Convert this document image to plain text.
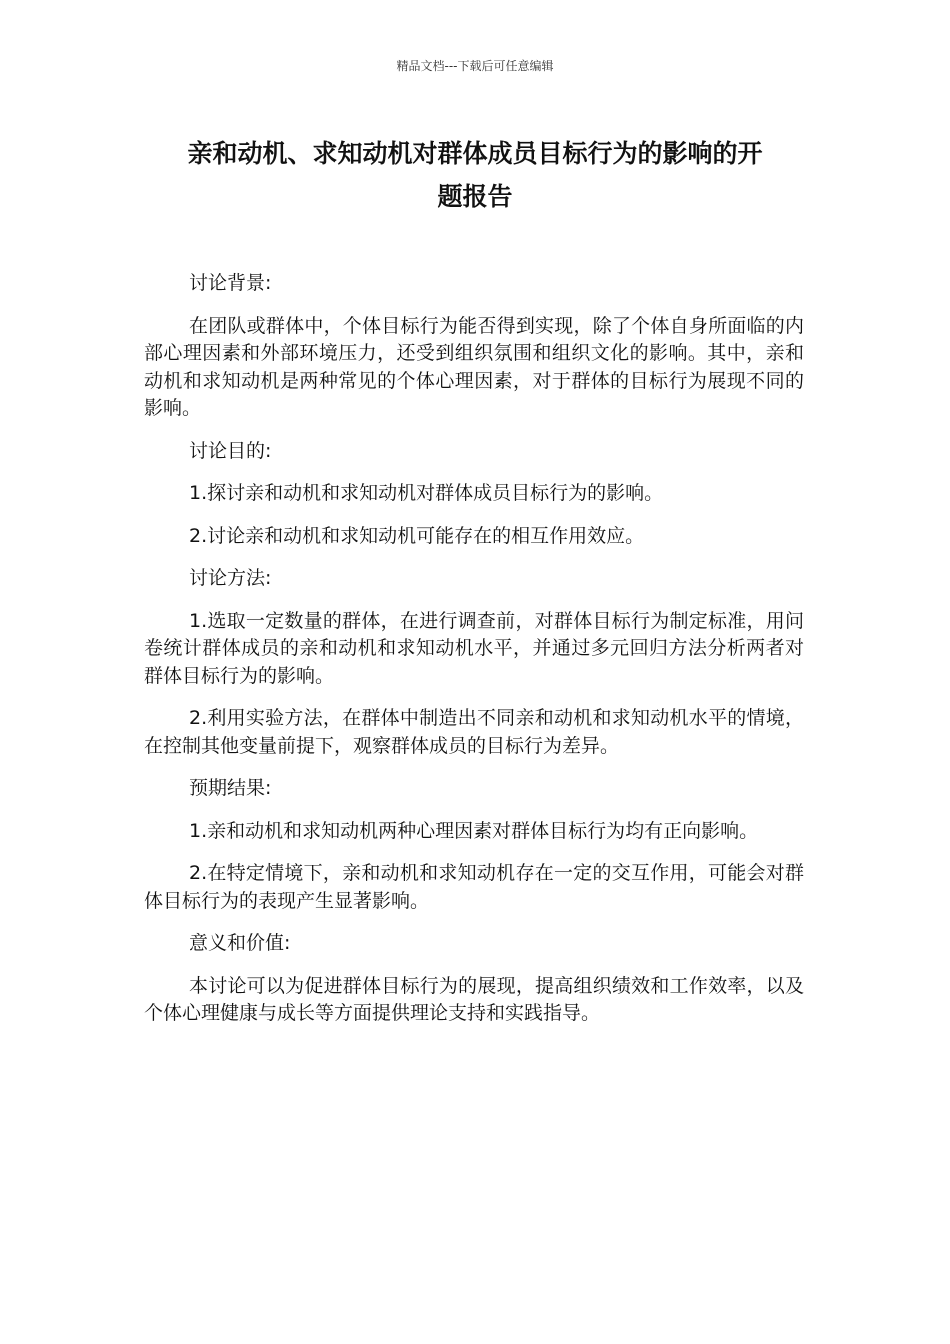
精品文档---下载后可任意编辑
亲和动机、求知动机对群体成员目标行为的影响的开
题报告

讨论背景:

在团队或群体中，个体目标行为能否得到实现，除了个体自身所面临的内部心理因素和外部环境压力，还受到组织氛围和组织文化的影响。其中，亲和动机和求知动机是两种常见的个体心理因素，对于群体的目标行为展现不同的影响。

讨论目的:

1.探讨亲和动机和求知动机对群体成员目标行为的影响。

2.讨论亲和动机和求知动机可能存在的相互作用效应。

讨论方法:

1.选取一定数量的群体，在进行调查前，对群体目标行为制定标准，用问卷统计群体成员的亲和动机和求知动机水平，并通过多元回归方法分析两者对群体目标行为的影响。

2.利用实验方法，在群体中制造出不同亲和动机和求知动机水平的情境，在控制其他变量前提下，观察群体成员的目标行为差异。

预期结果:

1.亲和动机和求知动机两种心理因素对群体目标行为均有正向影响。

2.在特定情境下，亲和动机和求知动机存在一定的交互作用，可能会对群体目标行为的表现产生显著影响。

意义和价值:

本讨论可以为促进群体目标行为的展现，提高组织绩效和工作效率，以及个体心理健康与成长等方面提供理论支持和实践指导。
